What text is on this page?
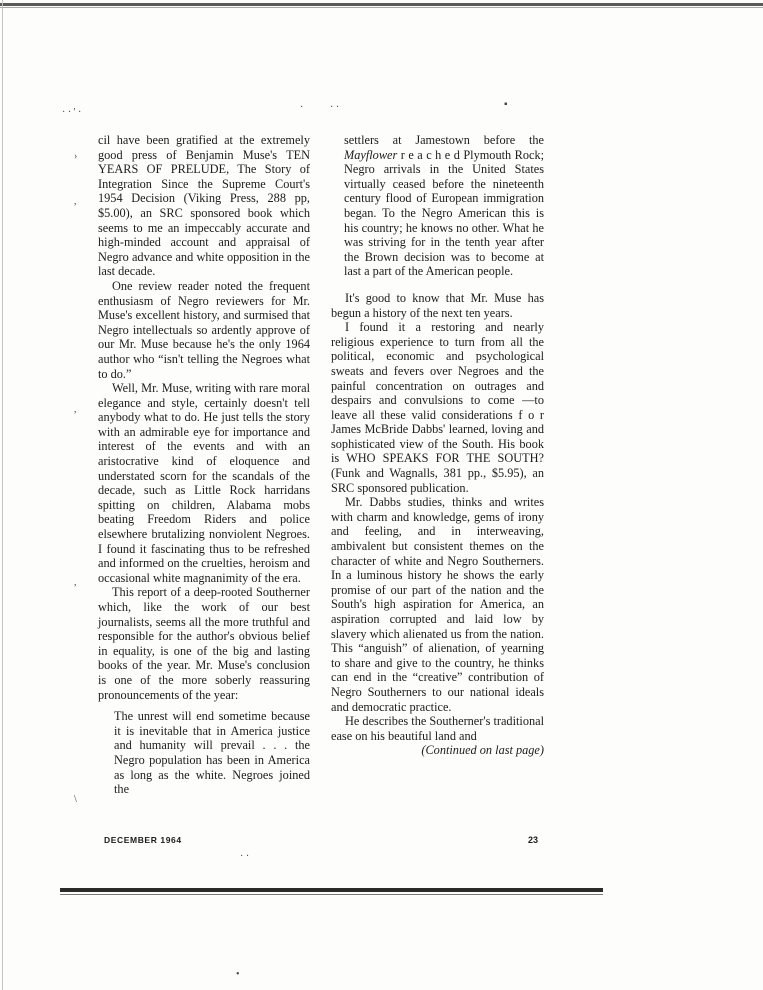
· · ' ·	·	· ·	▪
›
,
,
,
\
· ·
•

cil have been gratified at the extremely good press of Benjamin Muse's TEN YEARS OF PRELUDE, The Story of Integration Since the Supreme Court's 1954 Decision (Viking Press, 288 pp, $5.00), an SRC sponsored book which seems to me an impeccably accurate and high-minded account and appraisal of Negro advance and white opposition in the last decade.

One review reader noted the frequent enthusiasm of Negro reviewers for Mr. Muse's excellent history, and surmised that Negro intellectuals so ardently approve of our Mr. Muse because he's the only 1964 author who “isn't telling the Negroes what to do.”

Well, Mr. Muse, writing with rare moral elegance and style, certainly doesn't tell anybody what to do. He just tells the story with an admirable eye for importance and interest of the events and with an aristocrative kind of eloquence and understated scorn for the scandals of the decade, such as Little Rock harridans spitting on children, Alabama mobs beating Freedom Riders and police elsewhere brutalizing nonviolent Negroes. I found it fascinating thus to be refreshed and informed on the cruelties, heroism and occasional white magnanimity of the era.

This report of a deep-rooted Southerner which, like the work of our best journalists, seems all the more truthful and responsible for the author's obvious belief in equality, is one of the big and lasting books of the year. Mr. Muse's conclusion is one of the more soberly reassuring pronouncements of the year:

The unrest will end sometime because it is inevitable that in America justice and humanity will prevail . . . the Negro population has been in America as long as the white. Negroes joined the

settlers at Jamestown before the Mayflower r e a c h e d Plymouth Rock; Negro arrivals in the United States virtually ceased before the nineteenth century flood of European immigration began. To the Negro American this is his country; he knows no other. What he was striving for in the tenth year after the Brown decision was to become at last a part of the American people.

It's good to know that Mr. Muse has begun a history of the next ten years.

I found it a restoring and nearly religious experience to turn from all the political, economic and psychological sweats and fevers over Negroes and the painful concentration on outrages and despairs and convulsions to come —to leave all these valid considerations f o r James McBride Dabbs' learned, loving and sophisticated view of the South. His book is WHO SPEAKS FOR THE SOUTH? (Funk and Wagnalls, 381 pp., $5.95), an SRC sponsored publication.

Mr. Dabbs studies, thinks and writes with charm and knowledge, gems of irony and feeling, and in interweaving, ambivalent but consistent themes on the character of white and Negro Southerners. In a luminous history he shows the early promise of our part of the nation and the South's high aspiration for America, an aspiration corrupted and laid low by slavery which alienated us from the nation. This “anguish” of alienation, of yearning to share and give to the country, he thinks can end in the “creative” contribution of Negro Southerners to our national ideals and democratic practice.

He describes the Southerner's traditional ease on his beautiful land and

(Continued on last page)

DECEMBER 1964	23
